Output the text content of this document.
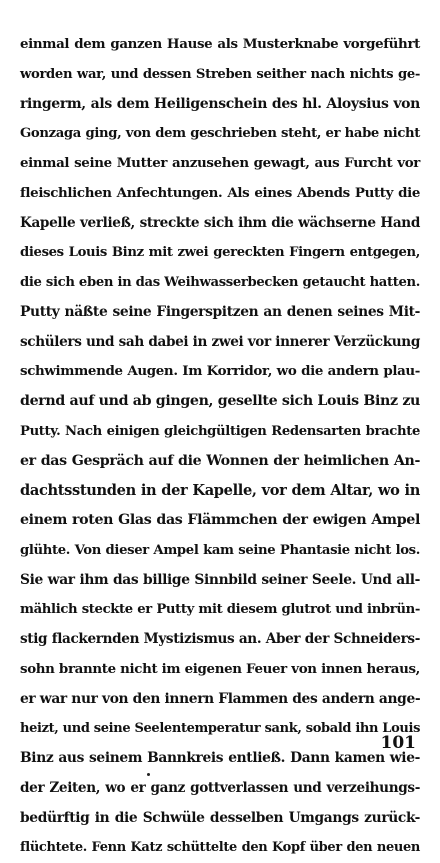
einmal dem ganzen Hause als Musterknabe vorgeführt
worden war, und dessen Streben seither nach nichts ge-
ringerm, als dem Heiligenschein des hl. Aloysius von
Gonzaga ging, von dem geschrieben steht, er habe nicht
einmal seine Mutter anzusehen gewagt, aus Furcht vor
fleischlichen Anfechtungen. Als eines Abends Putty die
Kapelle verließ, streckte sich ihm die wächserne Hand
dieses Louis Binz mit zwei gereckten Fingern entgegen,
die sich eben in das Weihwasserbecken getaucht hatten.
Putty näßte seine Fingerspitzen an denen seines Mit-
schülers und sah dabei in zwei vor innerer Verzückung
schwimmende Augen. Im Korridor, wo die andern plau-
dernd auf und ab gingen, gesellte sich Louis Binz zu
Putty. Nach einigen gleichgültigen Redensarten brachte
er das Gespräch auf die Wonnen der heimlichen An-
dachtsstunden in der Kapelle, vor dem Altar, wo in
einem roten Glas das Flämmchen der ewigen Ampel
glühte. Von dieser Ampel kam seine Phantasie nicht los.
Sie war ihm das billige Sinnbild seiner Seele. Und all-
mählich steckte er Putty mit diesem glutrot und inbrün-
stig flackernden Mystizismus an. Aber der Schneiders-
sohn brannte nicht im eigenen Feuer von innen heraus,
er war nur von den innern Flammen des andern ange-
heizt, und seine Seelentemperatur sank, sobald ihn Louis
Binz aus seinem Bannkreis entließ. Dann kamen wie-
der Zeiten, wo er ganz gottverlassen und verzeihungs-
bedürftig in die Schwüle desselben Umgangs zurück-
flüchtete. Fenn Katz schüttelte den Kopf über den neuen
101
